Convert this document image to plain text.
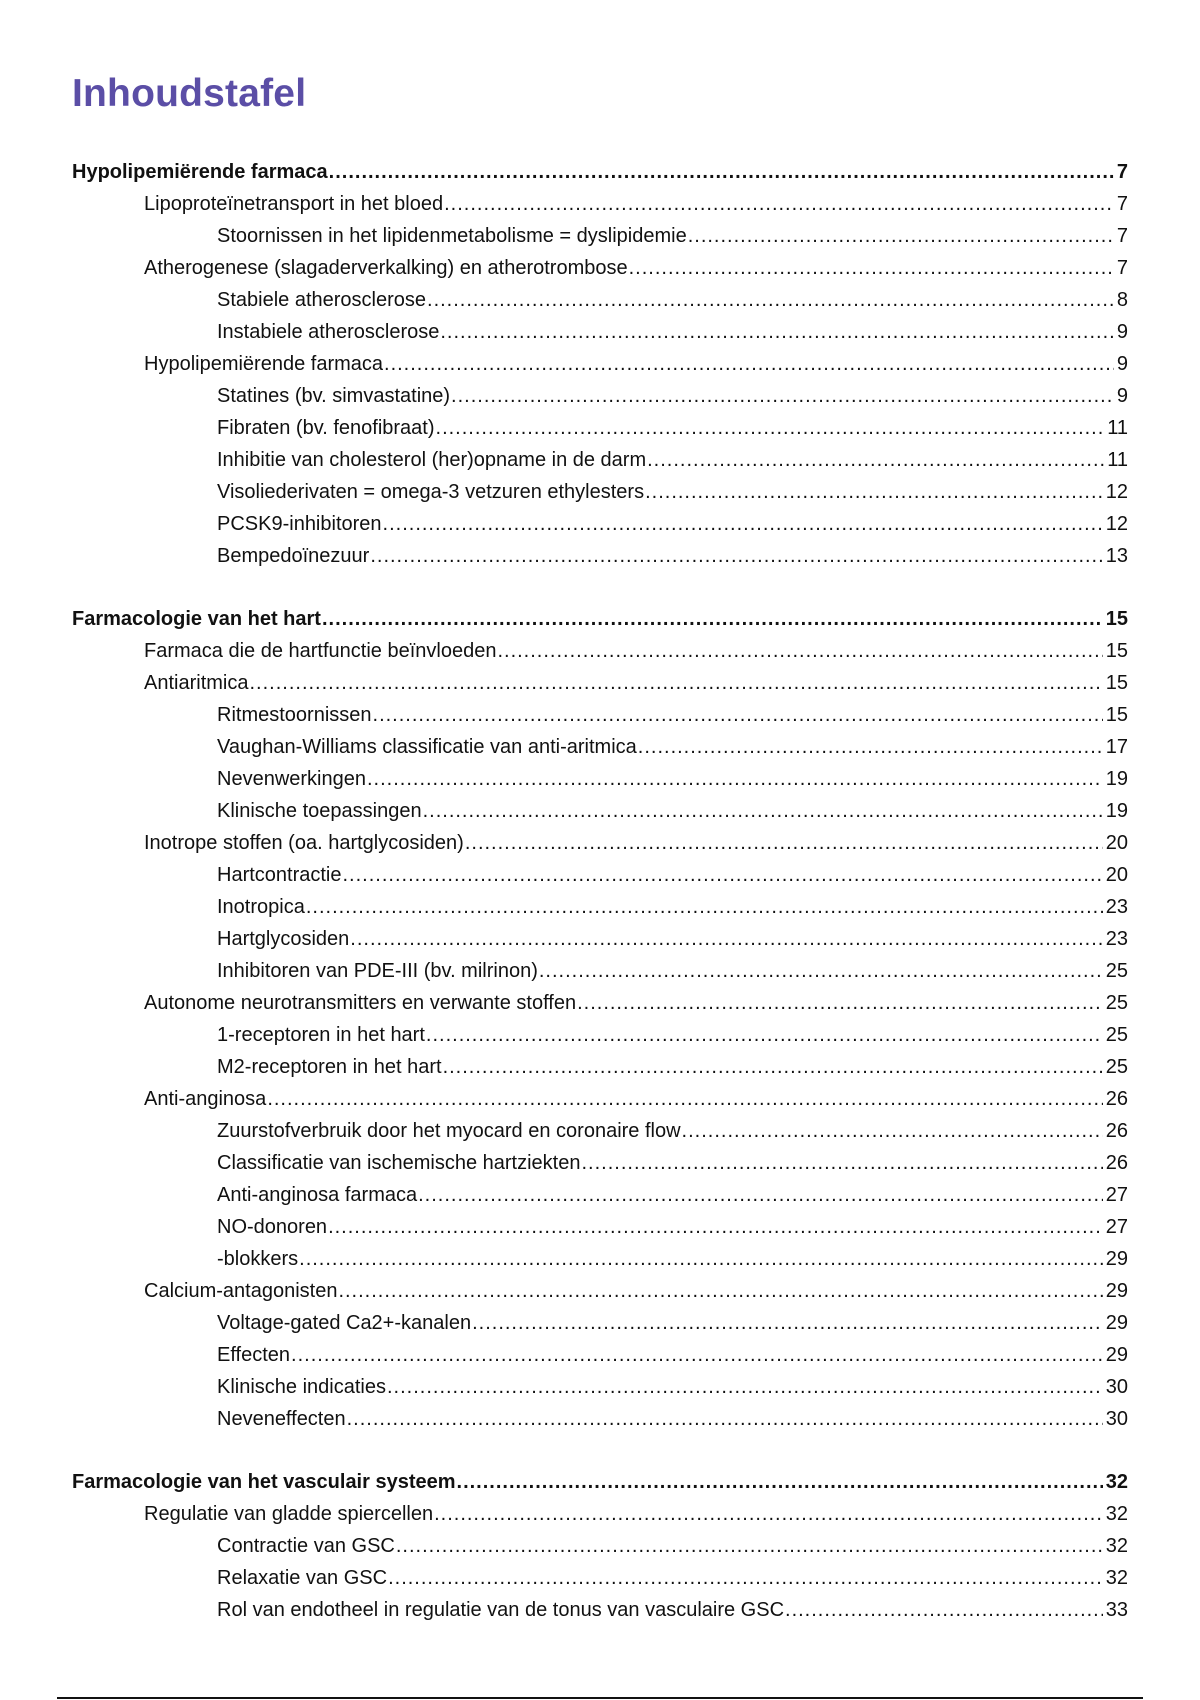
Inhoudstafel
Hypolipemiërende farmaca .....	7
Lipoproteïnetransport in het bloed .....	7
Stoornissen in het lipidenmetabolisme = dyslipidemie .....	7
Atherogenese (slagaderverkalking) en atherotrombose .....	7
Stabiele atherosclerose .....	8
Instabiele atherosclerose .....	9
Hypolipemiërende farmaca .....	9
Statines (bv. simvastatine) .....	9
Fibraten (bv. fenofibraat) .....	11
Inhibitie van cholesterol (her)opname in de darm .....	11
Visoliederivaten = omega-3 vetzuren ethylesters .....	12
PCSK9-inhibitoren .....	12
Bempedoïnezuur .....	13
Farmacologie van het hart .....	15
Farmaca die de hartfunctie beïnvloeden .....	15
Antiaritmica .....	15
Ritmestoornissen .....	15
Vaughan-Williams classificatie van anti-aritmica .....	17
Nevenwerkingen .....	19
Klinische toepassingen .....	19
Inotrope stoffen (oa. hartglycosiden) .....	20
Hartcontractie .....	20
Inotropica .....	23
Hartglycosiden .....	23
Inhibitoren van PDE-III (bv. milrinon) .....	25
Autonome neurotransmitters en verwante stoffen .....	25
1-receptoren in het hart .....	25
M2-receptoren in het hart .....	25
Anti-anginosa .....	26
Zuurstofverbruik door het myocard en coronaire flow .....	26
Classificatie van ischemische hartziekten .....	26
Anti-anginosa farmaca .....	27
NO-donoren .....	27
-blokkers .....	29
Calcium-antagonisten .....	29
Voltage-gated Ca2+-kanalen .....	29
Effecten .....	29
Klinische indicaties .....	30
Neveneffecten .....	30
Farmacologie van het vasculair systeem .....	32
Regulatie van gladde spiercellen .....	32
Contractie van GSC .....	32
Relaxatie van GSC .....	32
Rol van endotheel in regulatie van de tonus van vasculaire GSC .....	33
